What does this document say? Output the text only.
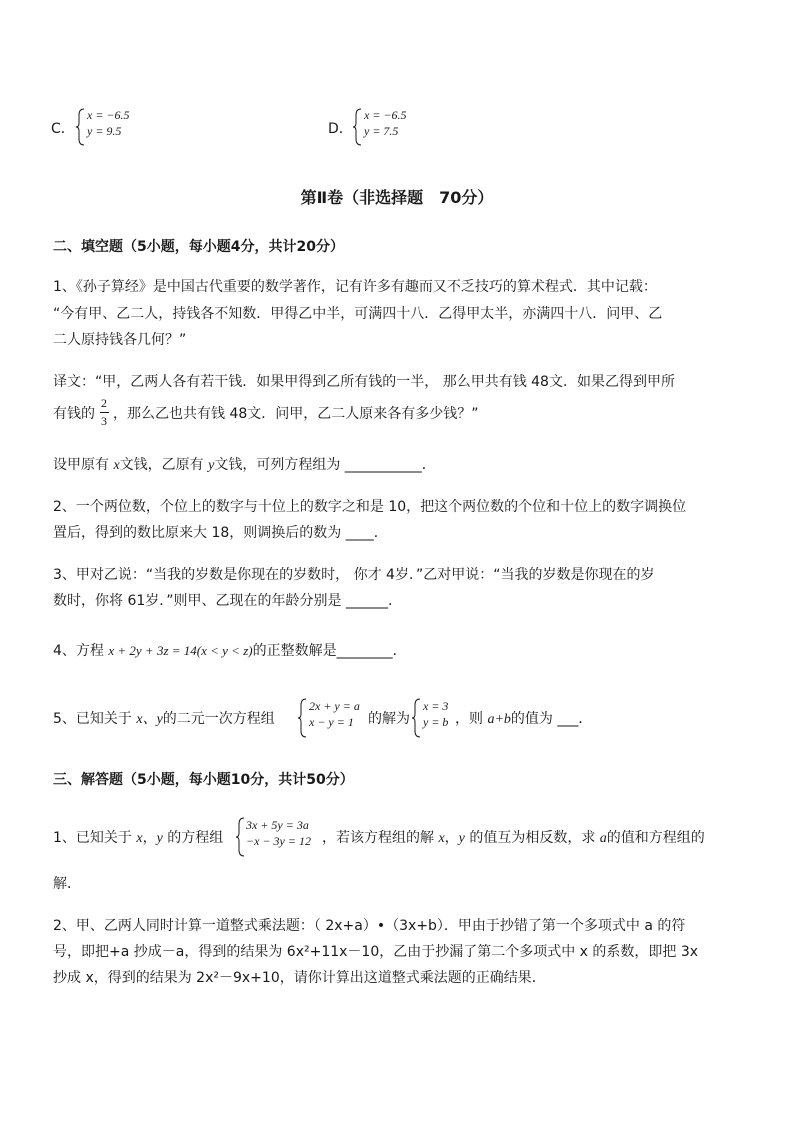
C．
x = −6.5
y = 9.5	D．
x = −6.5
y = 7.5
第Ⅱ卷（非选择题　70分）
二、填空题（5小题，每小题4分，共计20分）
1、《孙子算经》是中国古代重要的数学著作，记有许多有趣而又不乏技巧的算术程式．其中记载：
“今有甲、乙二人，持钱各不知数．甲得乙中半，可满四十八．乙得甲太半，亦满四十八．问甲、乙
二人原持钱各几何？”
译文：“甲，乙两人各有若干钱．如果甲得到乙所有钱的一半， 那么甲共有钱 48文．如果乙得到甲所
有钱的
2
3 ，那么乙也共有钱 48文．问甲，乙二人原来各有多少钱？”
设甲原有 x文钱，乙原有 y文钱，可列方程组为 ___________．
2、一个两位数，个位上的数字与十位上的数字之和是 10，把这个两位数的个位和十位上的数字调换位
置后，得到的数比原来大 18，则调换后的数为 ____．
3、甲对乙说：“当我的岁数是你现在的岁数时， 你才 4岁．”乙对甲说：“当我的岁数是你现在的岁
数时，你将 61岁．”则甲、乙现在的年龄分别是 ______．
4、方程 x + 2y + 3z = 14(x < y < z)的正整数解是________．
5、已知关于 x、y的二元一次方程组
2x + y = a
x − y = 1	的解为
x = 3
y = b ，则 a+b的值为 ___．
三、解答题（5小题，每小题10分，共计50分）
1、已知关于 x，y 的方程组
3x + 5y = 3a
−x − 3y = 12 ，若该方程组的解 x，y 的值互为相反数，求 a的值和方程组的
解．
2、甲、乙两人同时计算一道整式乘法题：（ 2x+a）•（3x+b）．甲由于抄错了第一个多项式中 a 的符
号，即把+a 抄成－a，得到的结果为 6x²+11x－10，乙由于抄漏了第二个多项式中 x 的系数，即把 3x
抄成 x，得到的结果为 2x²－9x+10，请你计算出这道整式乘法题的正确结果．
